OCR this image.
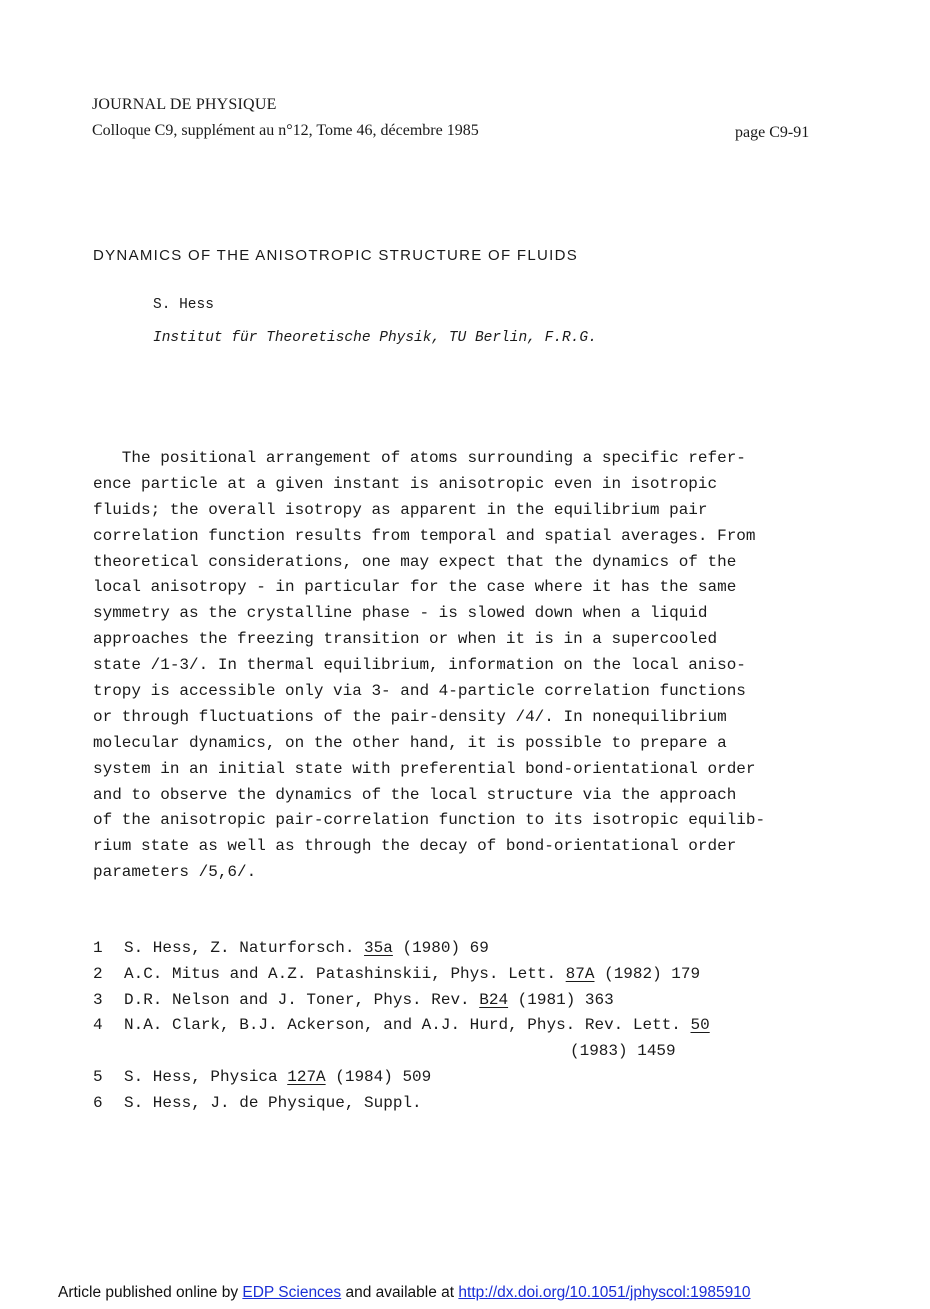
JOURNAL DE PHYSIQUE
Colloque C9, supplément au n°12, Tome 46, décembre 1985	page C9-91
DYNAMICS OF THE ANISOTROPIC STRUCTURE OF FLUIDS
S. Hess
Institut für Theoretische Physik, TU Berlin, F.R.G.
The positional arrangement of atoms surrounding a specific refer-
ence particle at a given instant is anisotropic even in isotropic
fluids; the overall isotropy as apparent in the equilibrium pair
correlation function results from temporal and spatial averages. From
theoretical considerations, one may expect that the dynamics of the
local anisotropy - in particular for the case where it has the same
symmetry as the crystalline phase - is slowed down when a liquid
approaches the freezing transition or when it is in a supercooled
state /1-3/. In thermal equilibrium, information on the local aniso-
tropy is accessible only via 3- and 4-particle correlation functions
or through fluctuations of the pair-density /4/. In nonequilibrium
molecular dynamics, on the other hand, it is possible to prepare a
system in an initial state with preferential bond-orientational order
and to observe the dynamics of the local structure via the approach
of the anisotropic pair-correlation function to its isotropic equilib-
rium state as well as through the decay of bond-orientational order
parameters /5,6/.
1	S. Hess, Z. Naturforsch. 35a (1980) 69
2	A.C. Mitus and A.Z. Patashinskii, Phys. Lett. 87A (1982) 179
3	D.R. Nelson and J. Toner, Phys. Rev. B24 (1981) 363
4	N.A. Clark, B.J. Ackerson, and A.J. Hurd, Phys. Rev. Lett. 50
(1983) 1459
5	S. Hess, Physica 127A (1984) 509
6	S. Hess, J. de Physique, Suppl.
Article published online by EDP Sciences and available at http://dx.doi.org/10.1051/jphyscol:1985910
